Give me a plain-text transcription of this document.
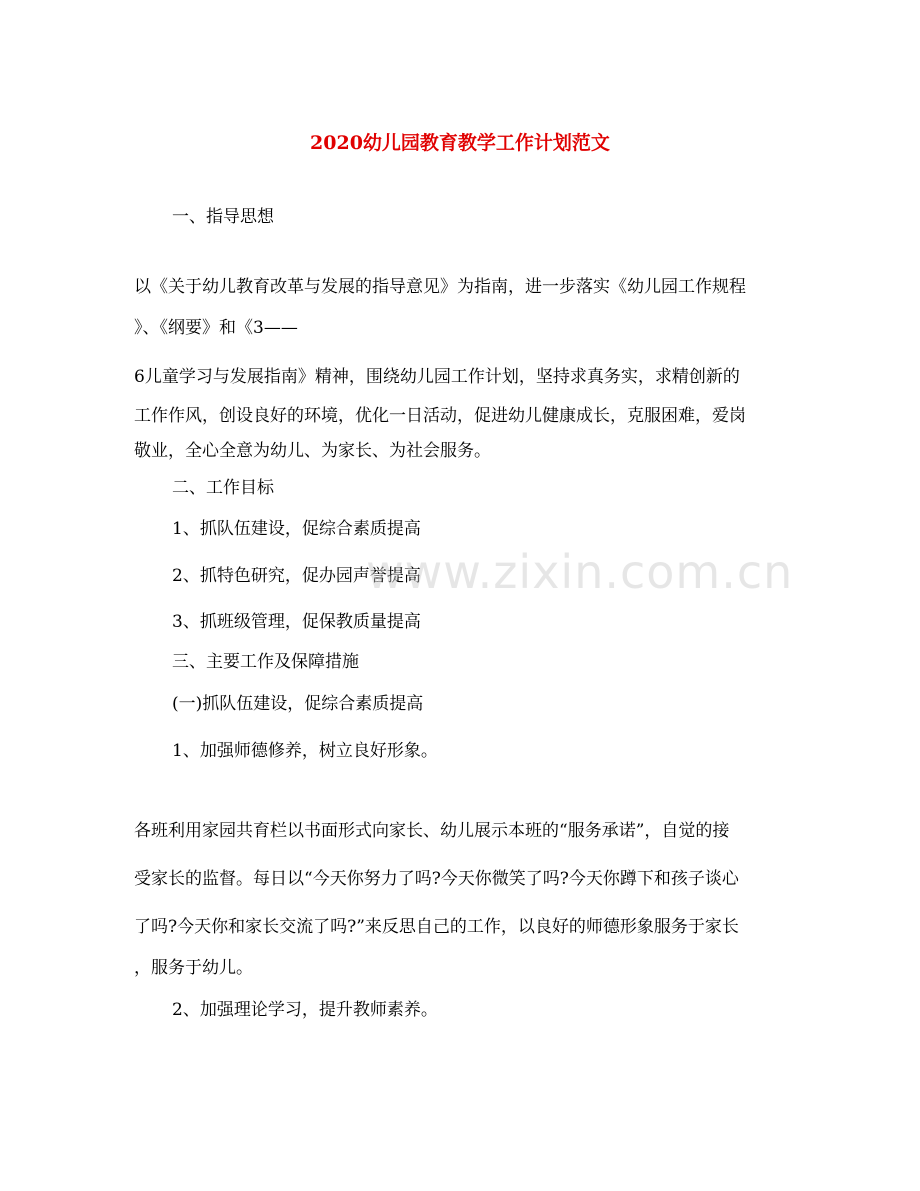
2020幼儿园教育教学工作计划范文
一、指导思想
以《关于幼儿教育改革与发展的指导意见》为指南，进一步落实《幼儿园工作规程
》、《纲要》和《3——
6儿童学习与发展指南》精神，围绕幼儿园工作计划，坚持求真务实，求精创新的
工作作风，创设良好的环境，优化一日活动，促进幼儿健康成长，克服困难，爱岗
敬业，全心全意为幼儿、为家长、为社会服务。
二、工作目标
1、抓队伍建设，促综合素质提高
2、抓特色研究，促办园声誉提高
3、抓班级管理，促保教质量提高
三、主要工作及保障措施
(一)抓队伍建设，促综合素质提高
1、加强师德修养，树立良好形象。
各班利用家园共育栏以书面形式向家长、幼儿展示本班的“服务承诺”，自觉的接
受家长的监督。每日以“今天你努力了吗?今天你微笑了吗?今天你蹲下和孩子谈心
了吗?今天你和家长交流了吗?”来反思自己的工作，以良好的师德形象服务于家长
，服务于幼儿。
2、加强理论学习，提升教师素养。
www.zixin.com.cn
